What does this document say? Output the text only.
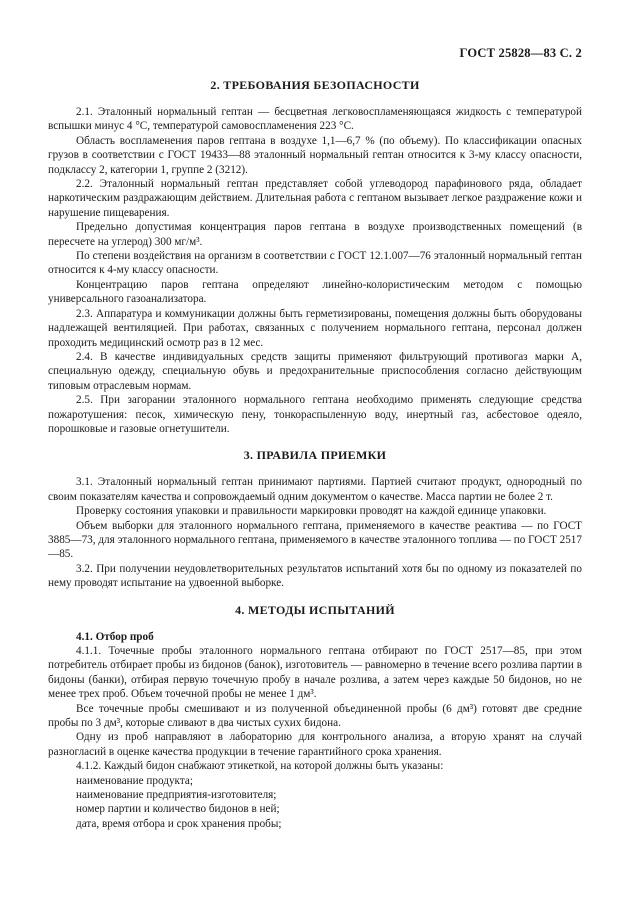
ГОСТ 25828—83 С. 2
2. ТРЕБОВАНИЯ БЕЗОПАСНОСТИ

2.1. Эталонный нормальный гептан — бесцветная легковоспламеняющаяся жидкость с температурой вспышки минус 4 °С, температурой самовоспламенения 223 °С.

Область воспламенения паров гептана в воздухе 1,1—6,7 % (по объему). По классификации опасных грузов в соответствии с ГОСТ 19433—88 эталонный нормальный гептан относится к 3-му классу опасности, подклассу 2, категории 1, группе 2 (3212).

2.2. Эталонный нормальный гептан представляет собой углеводород парафинового ряда, обладает наркотическим раздражающим действием. Длительная работа с гептаном вызывает легкое раздражение кожи и нарушение пищеварения.

Предельно допустимая концентрация паров гептана в воздухе производственных помещений (в пересчете на углерод) 300 мг/м³.

По степени воздействия на организм в соответствии с ГОСТ 12.1.007—76 эталонный нормальный гептан относится к 4-му классу опасности.

Концентрацию паров гептана определяют линейно-колористическим методом с помощью универсального газоанализатора.

2.3. Аппаратура и коммуникации должны быть герметизированы, помещения должны быть оборудованы надлежащей вентиляцией. При работах, связанных с получением нормального гептана, персонал должен проходить медицинский осмотр раз в 12 мес.

2.4. В качестве индивидуальных средств защиты применяют фильтрующий противогаз марки А, специальную одежду, специальную обувь и предохранительные приспособления согласно действующим типовым отраслевым нормам.

2.5. При загорании эталонного нормального гептана необходимо применять следующие средства пожаротушения: песок, химическую пену, тонкораспыленную воду, инертный газ, асбестовое одеяло, порошковые и газовые огнетушители.

3. ПРАВИЛА ПРИЕМКИ

3.1. Эталонный нормальный гептан принимают партиями. Партией считают продукт, однородный по своим показателям качества и сопровождаемый одним документом о качестве. Масса партии не более 2 т.

Проверку состояния упаковки и правильности маркировки проводят на каждой единице упаковки.

Объем выборки для эталонного нормального гептана, применяемого в качестве реактива — по ГОСТ 3885—73, для эталонного нормального гептана, применяемого в качестве эталонного топлива — по ГОСТ 2517—85.

3.2. При получении неудовлетворительных результатов испытаний хотя бы по одному из показателей по нему проводят испытание на удвоенной выборке.

4. МЕТОДЫ ИСПЫТАНИЙ

4.1. Отбор проб

4.1.1. Точечные пробы эталонного нормального гептана отбирают по ГОСТ 2517—85, при этом потребитель отбирает пробы из бидонов (банок), изготовитель — равномерно в течение всего розлива партии в бидоны (банки), отбирая первую точечную пробу в начале розлива, а затем через каждые 50 бидонов, но не менее трех проб. Объем точечной пробы не менее 1 дм³.

Все точечные пробы смешивают и из полученной объединенной пробы (6 дм³) готовят две средние пробы по 3 дм³, которые сливают в два чистых сухих бидона.

Одну из проб направляют в лабораторию для контрольного анализа, а вторую хранят на случай разногласий в оценке качества продукции в течение гарантийного срока хранения.

4.1.2. Каждый бидон снабжают этикеткой, на которой должны быть указаны:

наименование продукта;

наименование предприятия-изготовителя;

номер партии и количество бидонов в ней;

дата, время отбора и срок хранения пробы;
